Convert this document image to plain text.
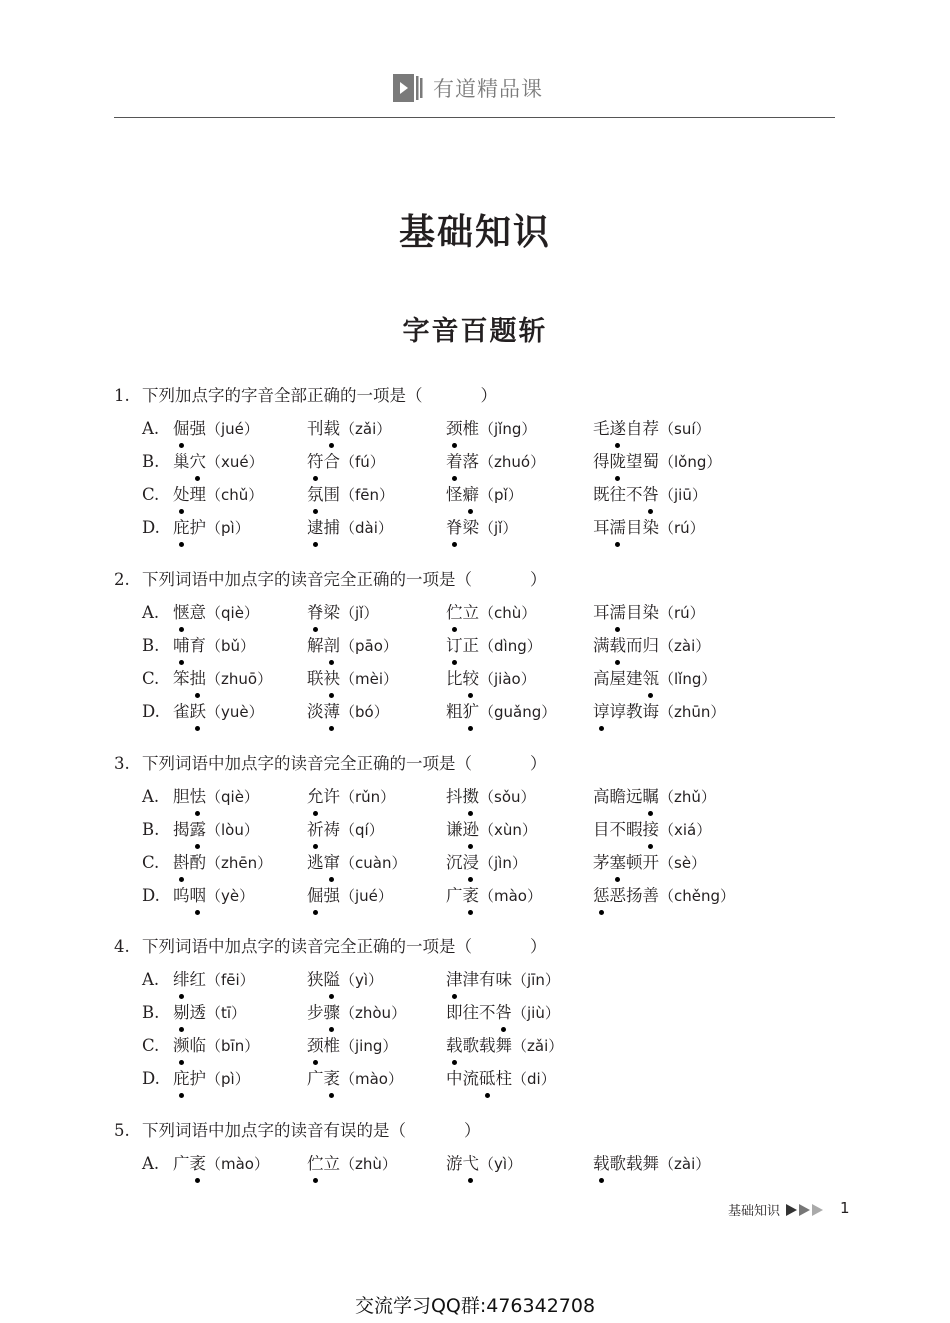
有道精品课
基础知识
字音百题斩
1. 下列加点字的字音全部正确的一项是（	）
A. 倔强（jué）	刊载（zǎi）	颈椎（jǐng）	毛遂自荐（suí）
B. 巢穴（xué）	符合（fú）	着落（zhuó）	得陇望蜀（lǒng）
C. 处理（chǔ）	氛围（fēn）	怪癖（pǐ）	既往不咎（jiū）
D. 庇护（pì）	逮捕（dài）	脊梁（jǐ）	耳濡目染（rú）
2. 下列词语中加点字的读音完全正确的一项是（	）
A. 惬意（qiè）	脊梁（jǐ）	伫立（chù）	耳濡目染（rú）
B. 哺育（bǔ）	解剖（pāo）	订正（dìng）	满载而归（zài）
C. 笨拙（zhuō） 联袂（mèi）	比较（jiào）	高屋建瓴（lǐng）
D. 雀跃（yuè）	淡薄（bó）	粗犷（guǎng） 谆谆教诲（zhūn）
3. 下列词语中加点字的读音完全正确的一项是（	）
A. 胆怯（qiè）	允许（rǔn）	抖擞（sǒu）	高瞻远瞩（zhǔ）
B. 揭露（lòu）	祈祷（qí）	谦逊（xùn）	目不暇接（xiá）
C. 斟酌（zhēn） 逃窜（cuàn） 沉浸（jìn）	茅塞顿开（sè）
D. 呜咽（yè）	倔强（jué）	广袤（mào）	惩恶扬善（chěng）
4. 下列词语中加点字的读音完全正确的一项是（	）
A. 绯红（fēi）	狭隘（yì）	津津有味（jīn）
B. 剔透（tī）	步骤（zhòu） 即往不咎（jiù）
C. 濒临（bīn）	颈椎（jing）	载歌载舞（zǎi）
D. 庇护（pì）	广袤（mào）	中流砥柱（di）
5. 下列词语中加点字的读音有误的是（	）
A. 广袤（mào） 伫立（zhù）	游弋（yì）	载歌载舞（zài）
基础知识	1
交流学习QQ群:476342708
